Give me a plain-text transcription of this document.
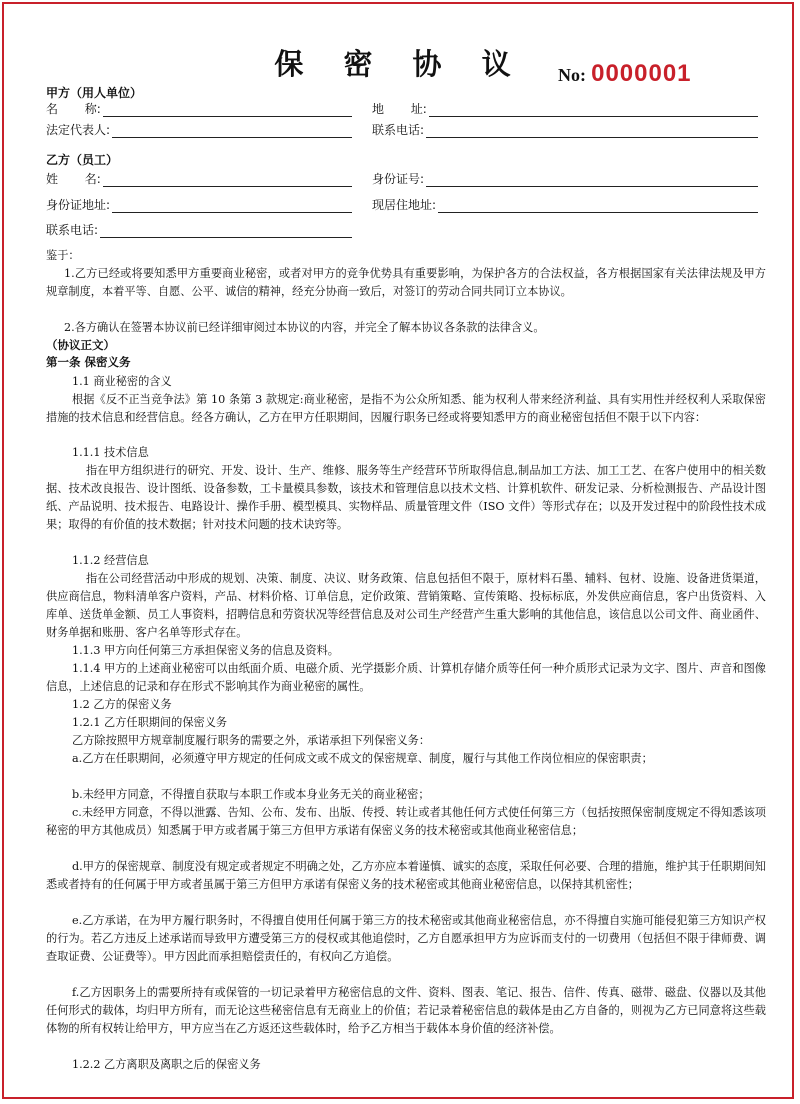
保 密 协 议	No: 0000001
甲方（用人单位）
名       称:	地       址:
法定代表人:	联系电话:
乙方（员工）
姓       名:	身份证号:
身份证地址:	现居住地址:
联系电话:

鉴于：

1.乙方已经或将要知悉甲方重要商业秘密，或者对甲方的竞争优势具有重要影响，为保护各方的合法权益，各方根据国家有关法律法规及甲方规章制度，本着平等、自愿、公平、诚信的精神，经充分协商一致后，对签订的劳动合同共同订立本协议。

2.各方确认在签署本协议前已经详细审阅过本协议的内容，并完全了解本协议各条款的法律含义。

（协议正文）

第一条 保密义务

1.1 商业秘密的含义

根据《反不正当竞争法》第 10 条第 3 款规定:商业秘密，是指不为公众所知悉、能为权利人带来经济利益、具有实用性并经权利人采取保密措施的技术信息和经营信息。经各方确认，乙方在甲方任职期间，因履行职务已经或将要知悉甲方的商业秘密包括但不限于以下内容：

1.1.1 技术信息

指在甲方组织进行的研究、开发、设计、生产、维修、服务等生产经营环节所取得信息,制品加工方法、加工工艺、在客户使用中的相关数据、技术改良报告、设计图纸、设备参数，工卡量模具参数，该技术和管理信息以技术文档、计算机软件、研发记录、分析检测报告、产品设计图纸、产品说明、技术报告、电路设计、操作手册、模型模具、实物样品、质量管理文件（ISO 文件）等形式存在；以及开发过程中的阶段性技术成果；取得的有价值的技术数据；针对技术问题的技术诀窍等。

1.1.2 经营信息

指在公司经营活动中形成的规划、决策、制度、决议、财务政策、信息包括但不限于，原材料石墨、辅料、包材、设施、设备进货渠道，供应商信息，物料清单客户资料，产品、材料价格、订单信息，定价政策、营销策略、宣传策略、投标标底，外发供应商信息，客户出货资料、入库单、送货单金额、员工人事资料，招聘信息和劳资状况等经营信息及对公司生产经营产生重大影响的其他信息，该信息以公司文件、商业函件、财务单据和账册、客户名单等形式存在。

1.1.3 甲方向任何第三方承担保密义务的信息及资料。

1.1.4 甲方的上述商业秘密可以由纸面介质、电磁介质、光学摄影介质、计算机存储介质等任何一种介质形式记录为文字、图片、声音和图像信息，上述信息的记录和存在形式不影响其作为商业秘密的属性。

1.2 乙方的保密义务

1.2.1 乙方任职期间的保密义务

乙方除按照甲方规章制度履行职务的需要之外，承诺承担下列保密义务：

a.乙方在任职期间，必须遵守甲方规定的任何成文或不成文的保密规章、制度，履行与其他工作岗位相应的保密职责；

b.未经甲方同意，不得擅自获取与本职工作或本身业务无关的商业秘密；

c.未经甲方同意，不得以泄露、告知、公布、发布、出版、传授、转让或者其他任何方式使任何第三方（包括按照保密制度规定不得知悉该项秘密的甲方其他成员）知悉属于甲方或者属于第三方但甲方承诺有保密义务的技术秘密或其他商业秘密信息；

d.甲方的保密规章、制度没有规定或者规定不明确之处，乙方亦应本着谨慎、诚实的态度，采取任何必要、合理的措施，维护其于任职期间知悉或者持有的任何属于甲方或者虽属于第三方但甲方承诺有保密义务的技术秘密或其他商业秘密信息，以保持其机密性；

e.乙方承诺，在为甲方履行职务时，不得擅自使用任何属于第三方的技术秘密或其他商业秘密信息，亦不得擅自实施可能侵犯第三方知识产权的行为。若乙方违反上述承诺而导致甲方遭受第三方的侵权或其他追偿时，乙方自愿承担甲方为应诉而支付的一切费用（包括但不限于律师费、调查取证费、公证费等）。甲方因此而承担赔偿责任的，有权向乙方追偿。

f.乙方因职务上的需要所持有或保管的一切记录着甲方秘密信息的文件、资料、图表、笔记、报告、信件、传真、磁带、磁盘、仪器以及其他任何形式的载体，均归甲方所有，而无论这些秘密信息有无商业上的价值；若记录着秘密信息的载体是由乙方自备的，则视为乙方已同意将这些载体物的所有权转让给甲方，甲方应当在乙方返还这些载体时，给予乙方相当于载体本身价值的经济补偿。

1.2.2 乙方离职及离职之后的保密义务
